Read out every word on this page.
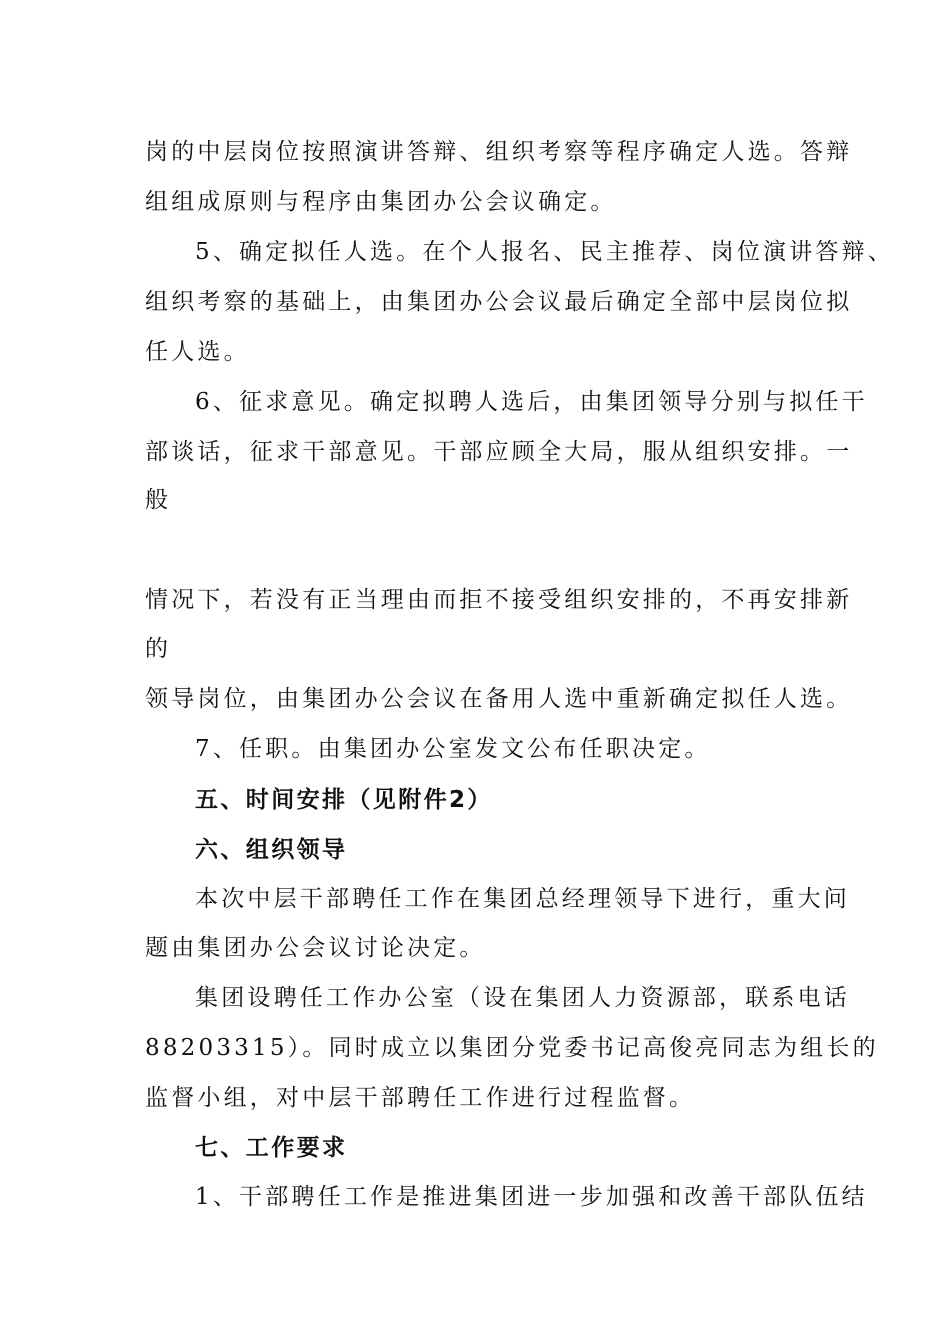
岗的中层岗位按照演讲答辩、组织考察等程序确定人选。答辩
组组成原则与程序由集团办公会议确定。
5、确定拟任人选。在个人报名、民主推荐、岗位演讲答辩、
组织考察的基础上，由集团办公会议最后确定全部中层岗位拟
任人选。
6、征求意见。确定拟聘人选后，由集团领导分别与拟任干
部谈话，征求干部意见。干部应顾全大局，服从组织安排。一
般
情况下，若没有正当理由而拒不接受组织安排的，不再安排新
的
领导岗位，由集团办公会议在备用人选中重新确定拟任人选。
7、任职。由集团办公室发文公布任职决定。
五、时间安排（见附件2）
六、组织领导
本次中层干部聘任工作在集团总经理领导下进行，重大问
题由集团办公会议讨论决定。
集团设聘任工作办公室（设在集团人力资源部，联系电话
88203315）。同时成立以集团分党委书记高俊亮同志为组长的
监督小组，对中层干部聘任工作进行过程监督。
七、工作要求
1、干部聘任工作是推进集团进一步加强和改善干部队伍结
